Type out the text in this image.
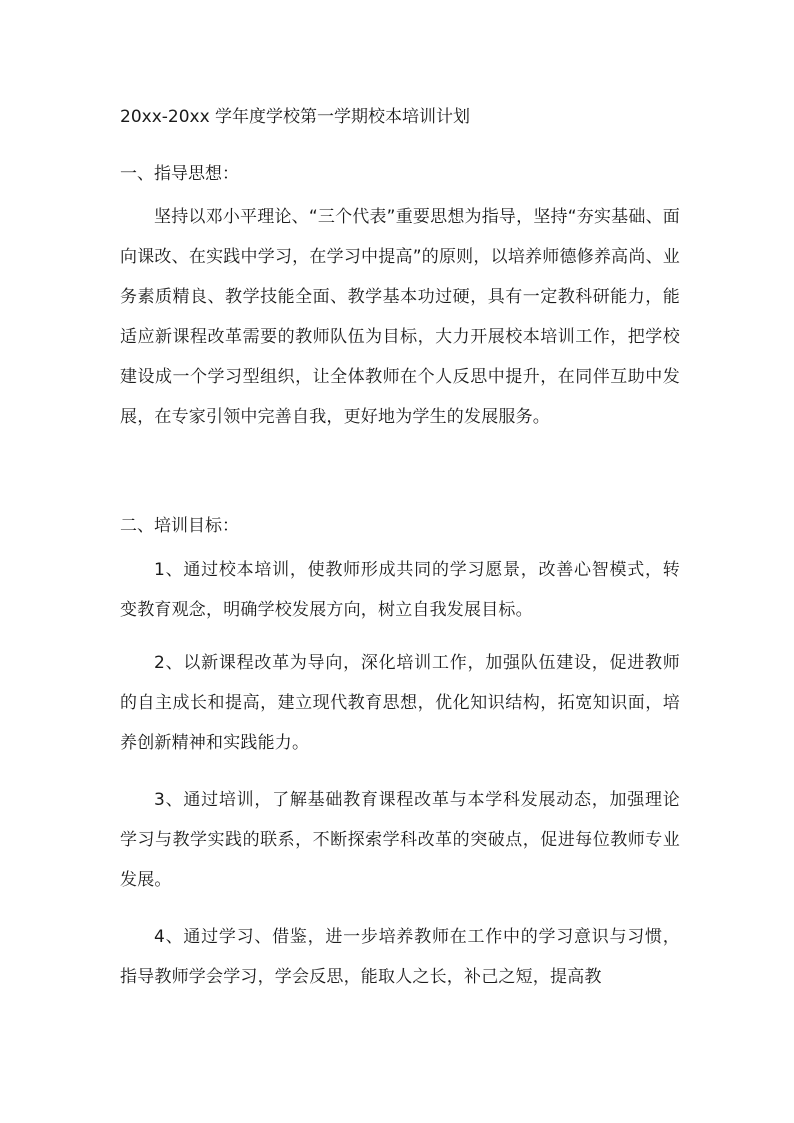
20xx-20xx 学年度学校第一学期校本培训计划
一、指导思想：

坚持以邓小平理论、“三个代表”重要思想为指导，坚持“夯实基础、面向课改、在实践中学习，在学习中提高”的原则，以培养师德修养高尚、业务素质精良、教学技能全面、教学基本功过硬，具有一定教科研能力，能适应新课程改革需要的教师队伍为目标，大力开展校本培训工作，把学校建设成一个学习型组织，让全体教师在个人反思中提升，在同伴互助中发展，在专家引领中完善自我，更好地为学生的发展服务。

二、培训目标：

1、通过校本培训，使教师形成共同的学习愿景，改善心智模式，转变教育观念，明确学校发展方向，树立自我发展目标。

2、以新课程改革为导向，深化培训工作，加强队伍建设，促进教师的自主成长和提高，建立现代教育思想，优化知识结构，拓宽知识面，培养创新精神和实践能力。

3、通过培训，了解基础教育课程改革与本学科发展动态，加强理论学习与教学实践的联系，不断探索学科改革的突破点，促进每位教师专业发展。

4、通过学习、借鉴，进一步培养教师在工作中的学习意识与习惯，指导教师学会学习，学会反思，能取人之长，补己之短，提高教
